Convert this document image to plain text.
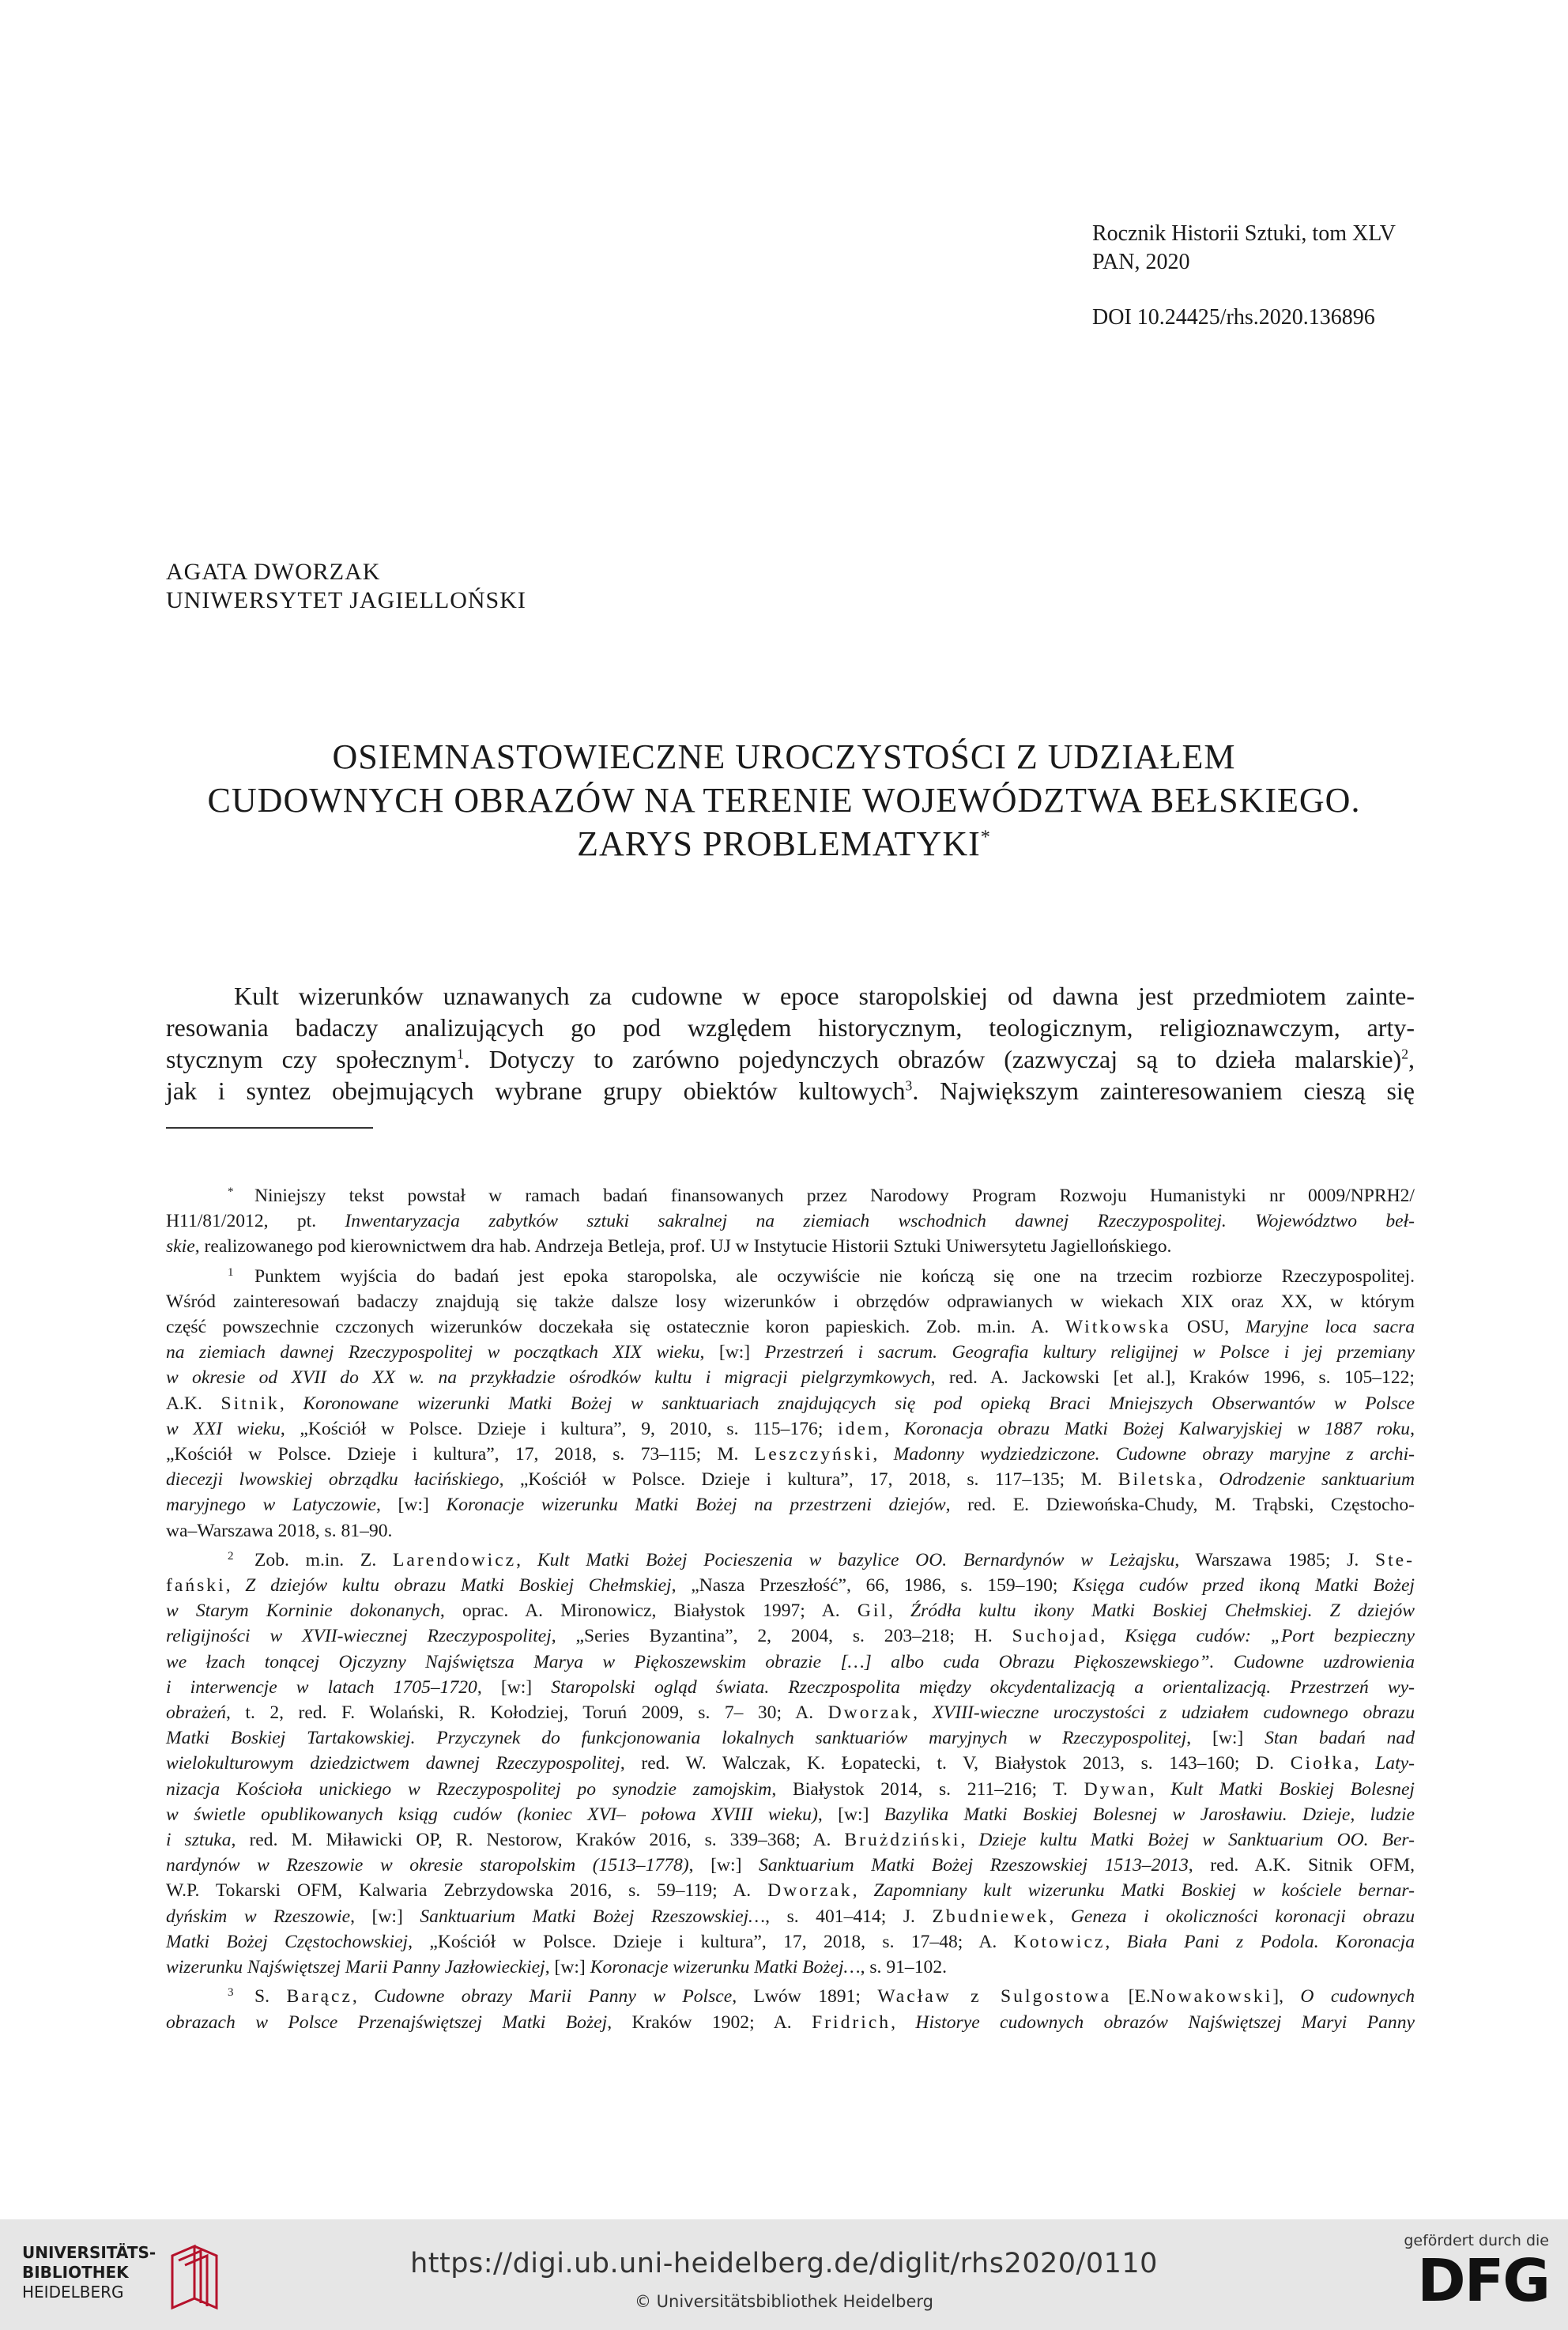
Rocznik Historii Sztuki, tom XLV
PAN, 2020
DOI 10.24425/rhs.2020.136896
AGATA DWORZAK
UNIWERSYTET JAGIELLOŃSKI
OSIEMNASTOWIECZNE UROCZYSTOŚCI Z UDZIAŁEM
CUDOWNYCH OBRAZÓW NA TERENIE WOJEWÓDZTWA BEŁSKIEGO.
ZARYS PROBLEMATYKI*
Kult wizerunków uznawanych za cudowne w epoce staropolskiej od dawna jest przedmiotem zainte-
resowania badaczy analizujących go pod względem historycznym, teologicznym, religioznawczym, arty-
stycznym czy społecznym$^1$. Dotyczy to zarówno pojedynczych obrazów (zazwyczaj są to dzieła malarskie)$^2$,
jak i syntez obejmujących wybrane grupy obiektów kultowych$^3$. Największym zainteresowaniem cieszą się
* Niniejszy tekst powstał w ramach badań finansowanych przez Narodowy Program Rozwoju Humanistyki nr 0009/NPRH2/
H11/81/2012, pt. Inwentaryzacja zabytków sztuki sakralnej na ziemiach wschodnich dawnej Rzeczypospolitej. Województwo beł-
skie, realizowanego pod kierownictwem dra hab. Andrzeja Betleja, prof. UJ w Instytucie Historii Sztuki Uniwersytetu Jagiellońskiego.
1 Punktem wyjścia do badań jest epoka staropolska, ale oczywiście nie kończą się one na trzecim rozbiorze Rzeczypospolitej.
Wśród zainteresowań badaczy znajdują się także dalsze losy wizerunków i obrzędów odprawianych w wiekach XIX oraz XX, w którym
część powszechnie czczonych wizerunków doczekała się ostatecznie koron papieskich. Zob. m.in. A. Witkowska OSU, Maryjne loca sacra
na ziemiach dawnej Rzeczypospolitej w początkach XIX wieku, [w:] Przestrzeń i sacrum. Geografia kultury religijnej w Polsce i jej przemiany
w okresie od XVII do XX w. na przykładzie ośrodków kultu i migracji pielgrzymkowych, red. A. Jackowski [et al.], Kraków 1996, s. 105–122;
A.K. Sitnik, Koronowane wizerunki Matki Bożej w sanktuariach znajdujących się pod opieką Braci Mniejszych Obserwantów w Polsce
w XXI wieku, „Kościół w Polsce. Dzieje i kultura”, 9, 2010, s. 115–176; idem, Koronacja obrazu Matki Bożej Kalwaryjskiej w 1887 roku,
„Kościół w Polsce. Dzieje i kultura”, 17, 2018, s. 73–115; M. Leszczyński, Madonny wydziedziczone. Cudowne obrazy maryjne z archi-
diecezji lwowskiej obrządku łacińskiego, „Kościół w Polsce. Dzieje i kultura”, 17, 2018, s. 117–135; M. Biletska, Odrodzenie sanktuarium
maryjnego w Latyczowie, [w:] Koronacje wizerunku Matki Bożej na przestrzeni dziejów, red. E. Dziewońska-Chudy, M. Trąbski, Częstocho-
wa–Warszawa 2018, s. 81–90.
2 Zob. m.in. Z. Larendowicz, Kult Matki Bożej Pocieszenia w bazylice OO. Bernardynów w Leżajsku, Warszawa 1985; J. Ste-
fański, Z dziejów kultu obrazu Matki Boskiej Chełmskiej, „Nasza Przeszłość”, 66, 1986, s. 159–190; Księga cudów przed ikoną Matki Bożej
w Starym Korninie dokonanych, oprac. A. Mironowicz, Białystok 1997; A. Gil, Źródła kultu ikony Matki Boskiej Chełmskiej. Z dziejów
religijności w XVII-wiecznej Rzeczypospolitej, „Series Byzantina”, 2, 2004, s. 203–218; H. Suchojad, Księga cudów: „Port bezpieczny
we łzach tonącej Ojczyzny Najświętsza Marya w Piękoszewskim obrazie […] albo cuda Obrazu Piękoszewskiego”. Cudowne uzdrowienia
i interwencje w latach 1705–1720, [w:] Staropolski ogląd świata. Rzeczpospolita między okcydentalizacją a orientalizacją. Przestrzeń wy-
obrażeń, t. 2, red. F. Wolański, R. Kołodziej, Toruń 2009, s. 7– 30; A. Dworzak, XVIII-wieczne uroczystości z udziałem cudownego obrazu
Matki Boskiej Tartakowskiej. Przyczynek do funkcjonowania lokalnych sanktuariów maryjnych w Rzeczypospolitej, [w:] Stan badań nad
wielokulturowym dziedzictwem dawnej Rzeczypospolitej, red. W. Walczak, K. Łopatecki, t. V, Białystok 2013, s. 143–160; D. Ciołka, Laty-
nizacja Kościoła unickiego w Rzeczypospolitej po synodzie zamojskim, Białystok 2014, s. 211–216; T. Dywan, Kult Matki Boskiej Bolesnej
w świetle opublikowanych ksiąg cudów (koniec XVI– połowa XVIII wieku), [w:] Bazylika Matki Boskiej Bolesnej w Jarosławiu. Dzieje, ludzie
i sztuka, red. M. Miławicki OP, R. Nestorow, Kraków 2016, s. 339–368; A. Brużdziński, Dzieje kultu Matki Bożej w Sanktuarium OO. Ber-
nardynów w Rzeszowie w okresie staropolskim (1513–1778), [w:] Sanktuarium Matki Bożej Rzeszowskiej 1513–2013, red. A.K. Sitnik OFM,
W.P. Tokarski OFM, Kalwaria Zebrzydowska 2016, s. 59–119; A. Dworzak, Zapomniany kult wizerunku Matki Boskiej w kościele bernar-
dyńskim w Rzeszowie, [w:] Sanktuarium Matki Bożej Rzeszowskiej…, s. 401–414; J. Zbudniewek, Geneza i okoliczności koronacji obrazu
Matki Bożej Częstochowskiej, „Kościół w Polsce. Dzieje i kultura”, 17, 2018, s. 17–48; A. Kotowicz, Biała Pani z Podola. Koronacja
wizerunku Najświętszej Marii Panny Jazłowieckiej, [w:] Koronacje wizerunku Matki Bożej…, s. 91–102.
3 S. Barącz, Cudowne obrazy Marii Panny w Polsce, Lwów 1891; Wacław z Sulgostowa [E.Nowakowski], O cudownych
obrazach w Polsce Przenajświętszej Matki Bożej, Kraków 1902; A. Fridrich, Historye cudownych obrazów Najświętszej Maryi Panny
UNIVERSITÄTS-
BIBLIOTHEK
HEIDELBERG
https://digi.ub.uni-heidelberg.de/diglit/rhs2020/0110
© Universitätsbibliothek Heidelberg
gefördert durch die
DFG
